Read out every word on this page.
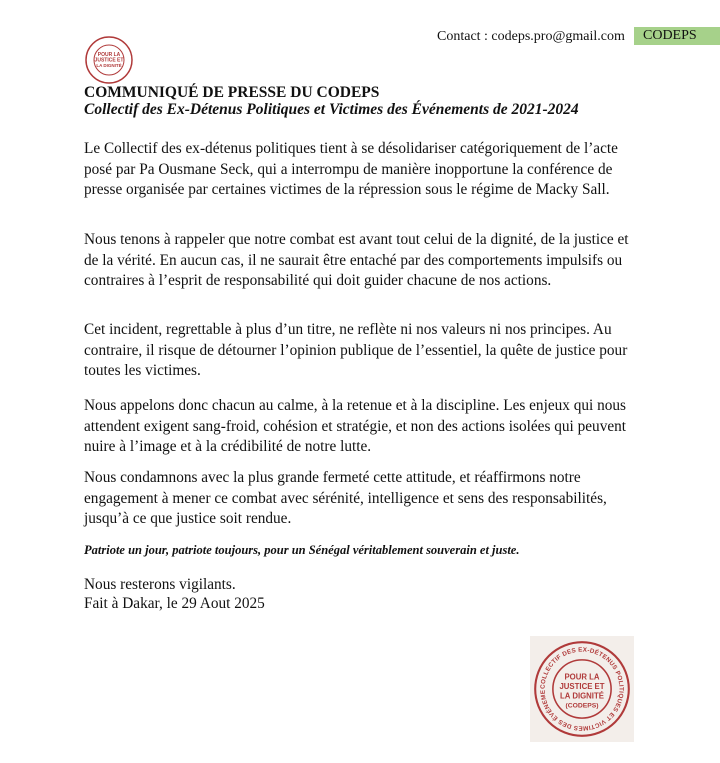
Contact : codeps.pro@gmail.com	CODEPS
POUR LA
JUSTICE ET
LA DIGNITÉ
COMMUNIQUÉ DE PRESSE DU CODEPS
Collectif des Ex-Détenus Politiques et Victimes des Événements de 2021-2024

Le Collectif des ex-détenus politiques tient à se désolidariser catégoriquement de l’acte posé par Pa Ousmane Seck, qui a interrompu de manière inopportune la conférence de presse organisée par certaines victimes de la répression sous le régime de Macky Sall.

Nous tenons à rappeler que notre combat est avant tout celui de la dignité, de la justice et de la vérité. En aucun cas, il ne saurait être entaché par des comportements impulsifs ou contraires à l’esprit de responsabilité qui doit guider chacune de nos actions.

Cet incident, regrettable à plus d’un titre, ne reflète ni nos valeurs ni nos principes. Au contraire, il risque de détourner l’opinion publique de l’essentiel, la quête de justice pour toutes les victimes.

Nous appelons donc chacun au calme, à la retenue et à la discipline. Les enjeux qui nous attendent exigent sang-froid, cohésion et stratégie, et non des actions isolées qui peuvent nuire à l’image et à la crédibilité de notre lutte.

Nous condamnons avec la plus grande fermeté cette attitude, et réaffirmons notre engagement à mener ce combat avec sérénité, intelligence et sens des responsabilités, jusqu’à ce que justice soit rendue.

Patriote un jour, patriote toujours, pour un Sénégal véritablement souverain et juste.
Nous resterons vigilants.
Fait à Dakar, le 29 Aout 2025
COLLECTIF DES EX-DÉTENUS POLITIQUES ET VICTIMES DES ÉVÉNEME
POUR LA
JUSTICE ET
LA DIGNITÉ
(CODEPS)
